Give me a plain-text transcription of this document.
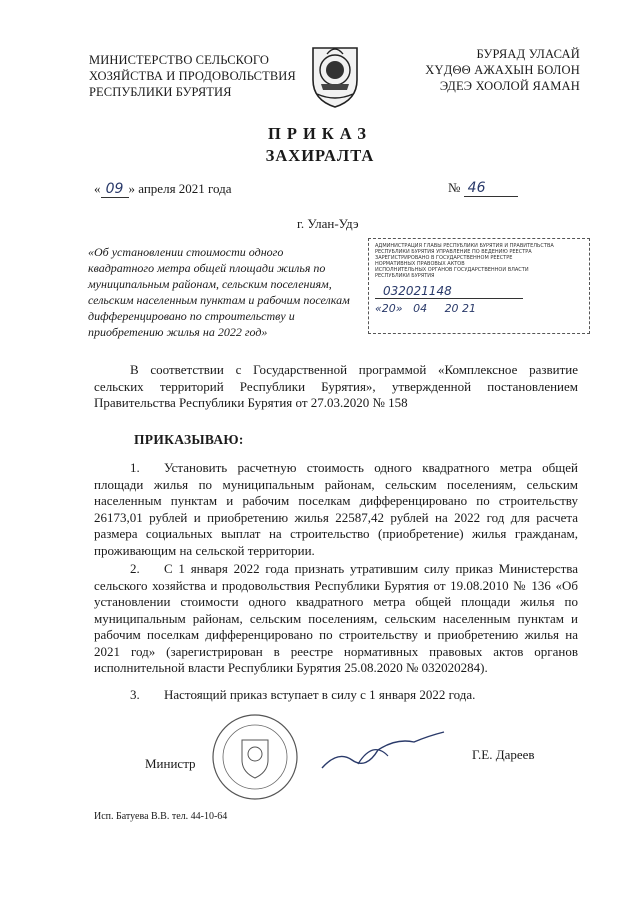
МИНИСТЕРСТВО СЕЛЬСКОГО
ХОЗЯЙСТВА И ПРОДОВОЛЬСТВИЯ
РЕСПУБЛИКИ БУРЯТИЯ
БУРЯАД УЛАСАЙ
ХYДΘΘ АЖАХЫН БОЛОН
ЭДЕЭ ХООЛОЙ ЯАМАН
ПРИКАЗ
ЗАХИРАЛТА
« 09 » апреля 2021 года	№ 46
г. Улан-Удэ
«Об установлении стоимости одного квадратного метра общей площади жилья по муниципальным районам, сельским поселениям, сельским населенным пунктам и рабочим поселкам дифференцировано по строительству и приобретению жилья на 2022 год»
АДМИНИСТРАЦИЯ ГЛАВЫ РЕСПУБЛИКИ БУРЯТИЯ И ПРАВИТЕЛЬСТВА
РЕСПУБЛИКИ БУРЯТИЯ УПРАВЛЕНИЕ ПО ВЕДЕНИЮ РЕЕСТРА
ЗАРЕГИСТРИРОВАНО В ГОСУДАРСТВЕННОМ РЕЕСТРЕ
НОРМАТИВНЫХ ПРАВОВЫХ АКТОВ
ИСПОЛНИТЕЛЬНЫХ ОРГАНОВ ГОСУДАРСТВЕННОЙ ВЛАСТИ
РЕСПУБЛИКИ БУРЯТИЯ
032021148
«20»   04 20 21
В соответствии с Государственной программой «Комплексное развитие сельских территорий Республики Бурятия», утвержденной постановлением Правительства Республики Бурятия от 27.03.2020 № 158
ПРИКАЗЫВАЮ:
1. Установить расчетную стоимость одного квадратного метра общей площади жилья по муниципальным районам, сельским поселениям, сельским населенным пунктам и рабочим поселкам дифференцировано по строительству 26173,01 рублей и приобретению жилья 22587,42 рублей на 2022 год для расчета размера социальных выплат на строительство (приобретение) жилья гражданам, проживающим на сельской территории.
2. С 1 января 2022 года признать утратившим силу приказ Министерства сельского хозяйства и продовольствия Республики Бурятия от 19.08.2010 № 136 «Об установлении стоимости одного квадратного метра общей площади жилья по муниципальным районам, сельским поселениям, сельским населенным пунктам и рабочим поселкам дифференцировано по строительству и приобретению жилья на 2021 год» (зарегистрирован в реестре нормативных правовых актов органов исполнительной власти Республики Бурятия 25.08.2020 № 032020284).
3. Настоящий приказ вступает в силу с 1 января 2022 года.
Министр
Г.Е. Дареев
Исп. Батуева В.В. тел. 44-10-64
